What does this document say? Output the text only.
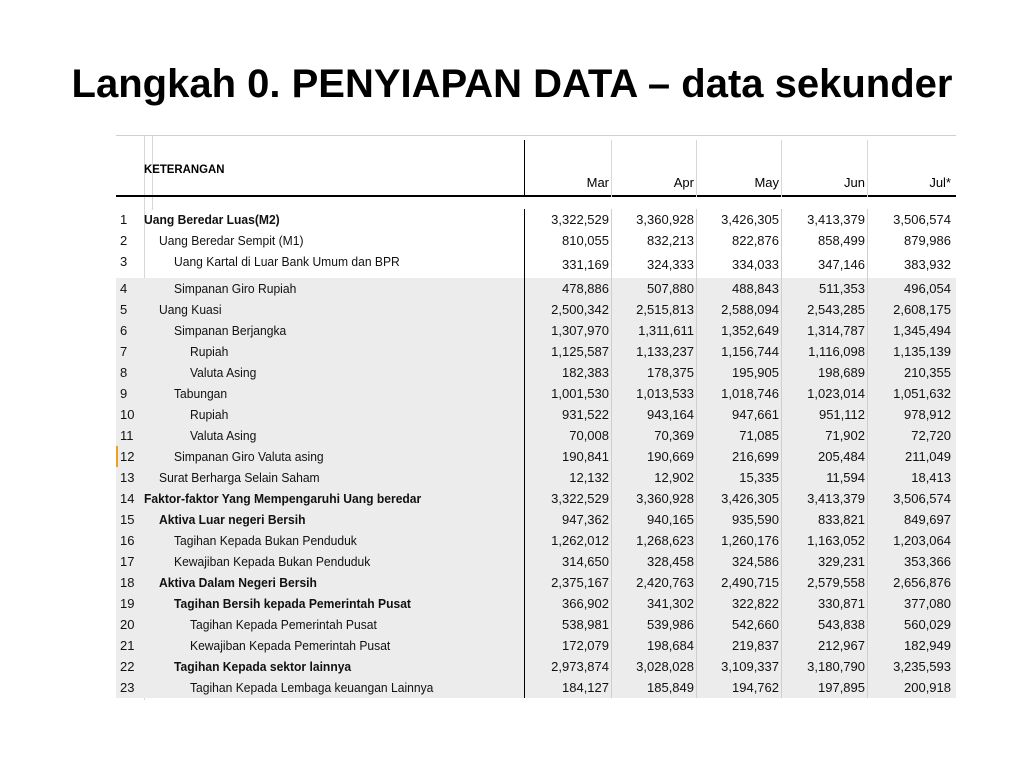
Langkah 0. PENYIAPAN DATA – data sekunder
KETERANGAN
Mar	Apr	May	Jun	Jul*
1 Uang Beredar Luas(M2)	3,322,529	3,360,928	3,426,305	3,413,379	3,506,574
2 Uang Beredar Sempit (M1)	810,055	832,213	822,876	858,499	879,986
3	Uang Kartal di Luar Bank Umum dan BPR	331,169	324,333	334,033	347,146	383,932
4	Simpanan Giro Rupiah	478,886	507,880	488,843	511,353	496,054
5 Uang Kuasi	2,500,342	2,515,813	2,588,094	2,543,285	2,608,175
6	Simpanan Berjangka	1,307,970	1,311,611	1,352,649	1,314,787	1,345,494
7	Rupiah	1,125,587	1,133,237	1,156,744	1,116,098	1,135,139
8	Valuta Asing	182,383	178,375	195,905	198,689	210,355
9	Tabungan	1,001,530	1,013,533	1,018,746	1,023,014	1,051,632
10	Rupiah	931,522	943,164	947,661	951,112	978,912
11	Valuta Asing	70,008	70,369	71,085	71,902	72,720
12	Simpanan Giro Valuta asing	190,841	190,669	216,699	205,484	211,049
13 Surat Berharga Selain Saham	12,132	12,902	15,335	11,594	18,413
14 Faktor-faktor Yang Mempengaruhi Uang beredar	3,322,529	3,360,928	3,426,305	3,413,379	3,506,574
15 Aktiva Luar negeri Bersih	947,362	940,165	935,590	833,821	849,697
16	Tagihan Kepada Bukan Penduduk	1,262,012	1,268,623	1,260,176	1,163,052	1,203,064
17	Kewajiban Kepada Bukan Penduduk	314,650	328,458	324,586	329,231	353,366
18 Aktiva Dalam Negeri Bersih	2,375,167	2,420,763	2,490,715	2,579,558	2,656,876
19	Tagihan Bersih kepada Pemerintah Pusat	366,902	341,302	322,822	330,871	377,080
20	Tagihan Kepada Pemerintah Pusat	538,981	539,986	542,660	543,838	560,029
21	Kewajiban Kepada Pemerintah Pusat	172,079	198,684	219,837	212,967	182,949
22	Tagihan Kepada sektor lainnya	2,973,874	3,028,028	3,109,337	3,180,790	3,235,593
23	Tagihan Kepada Lembaga keuangan Lainnya	184,127	185,849	194,762	197,895	200,918
